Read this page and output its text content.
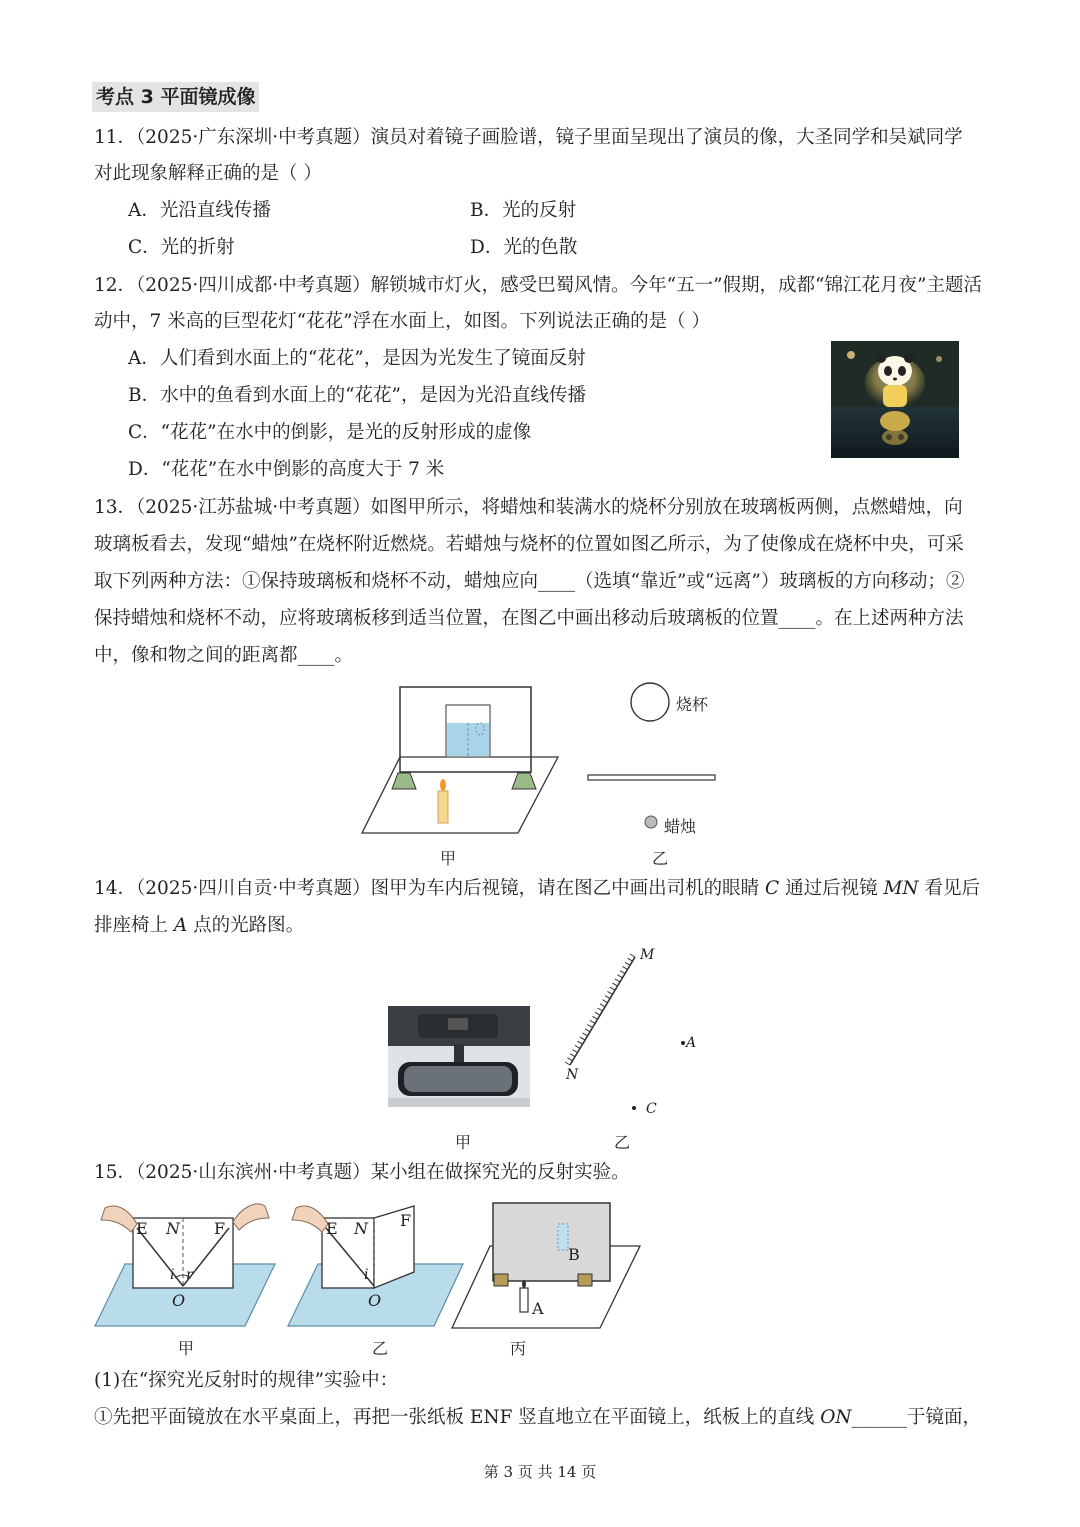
考点 3 平面镜成像
11．（2025·广东深圳·中考真题）演员对着镜子画脸谱，镜子里面呈现出了演员的像，大圣同学和吴斌同学
对此现象解释正确的是（ ）
A．光沿直线传播	B．光的反射
C．光的折射	D．光的色散
12．（2025·四川成都·中考真题）解锁城市灯火，感受巴蜀风情。今年“五一”假期，成都“锦江花月夜”主题活
动中，7 米高的巨型花灯“花花”浮在水面上，如图。下列说法正确的是（ ）
A．人们看到水面上的“花花”，是因为光发生了镜面反射
B．水中的鱼看到水面上的“花花”，是因为光沿直线传播
C．“花花”在水中的倒影，是光的反射形成的虚像
D．“花花”在水中倒影的高度大于 7 米
13．（2025·江苏盐城·中考真题）如图甲所示，将蜡烛和装满水的烧杯分别放在玻璃板两侧，点燃蜡烛，向
玻璃板看去，发现“蜡烛”在烧杯附近燃烧。若蜡烛与烧杯的位置如图乙所示，为了使像成在烧杯中央，可采
取下列两种方法：①保持玻璃板和烧杯不动，蜡烛应向____（选填“靠近”或“远离”）玻璃板的方向移动；②
保持蜡烛和烧杯不动，应将玻璃板移到适当位置，在图乙中画出移动后玻璃板的位置____。在上述两种方法
中，像和物之间的距离都____。
甲
烧杯
蜡烛
乙
14．（2025·四川自贡·中考真题）图甲为车内后视镜，请在图乙中画出司机的眼睛 C 通过后视镜 MN 看见后
排座椅上 A 点的光路图。
甲
M
N
A
C
乙
15．（2025·山东滨州·中考真题）某小组在做探究光的反射实验。
E N F
i r
O
甲
E N F
i
O
乙
B
A
丙
(1)在“探究光反射时的规律”实验中：
①先把平面镜放在水平桌面上，再把一张纸板 ENF 竖直地立在平面镜上，纸板上的直线 ON______于镜面，
第 3 页 共 14 页
